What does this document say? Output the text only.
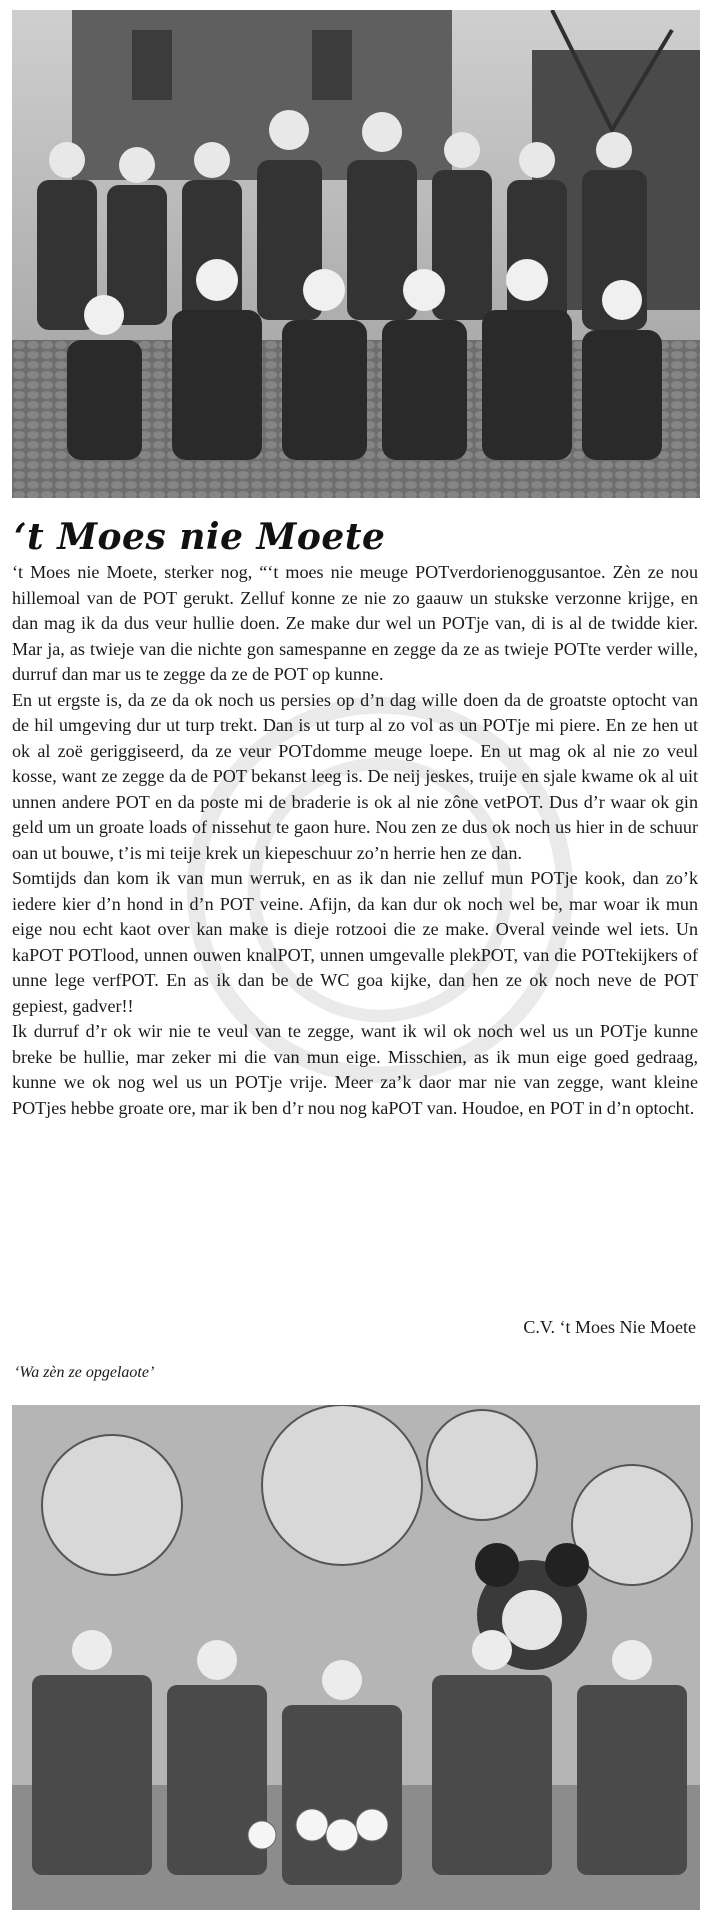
‘t Moes nie Moete

‘t Moes nie Moete, sterker nog, “‘t moes nie meuge POTverdorienoggusantoe. Zèn ze nou hillemoal van de POT gerukt. Zelluf konne ze nie zo gaauw un stukske verzonne krijge, en dan mag ik da dus veur hullie doen. Ze make dur wel un POTje van, di is al de twidde kier. Mar ja, as twieje van die nichte gon samespanne en zegge da ze as twieje POTte verder wille, durruf dan mar us te zegge da ze de POT op kunne.

En ut ergste is, da ze da ok noch us persies op d’n dag wille doen da de groatste optocht van de hil umgeving dur ut turp trekt. Dan is ut turp al zo vol as un POTje mi piere. En ze hen ut ok al zoë geriggiseerd, da ze veur POTdomme meuge loepe. En ut mag ok al nie zo veul kosse, want ze zegge da de POT bekanst leeg is. De neij jeskes, truije en sjale kwame ok al uit unnen andere POT en da poste mi de braderie is ok al nie zône vetPOT. Dus d’r waar ok gin geld um un groate loads of nissehut te gaon hure. Nou zen ze dus ok noch us hier in de schuur oan ut bouwe, t’is mi teije krek un kiepeschuur zo’n herrie hen ze dan.

Somtijds dan kom ik van mun werruk, en as ik dan nie zelluf mun POTje kook, dan zo’k iedere kier d’n hond in d’n POT veine. Afijn, da kan dur ok noch wel be, mar woar ik mun eige nou echt kaot over kan make is dieje rotzooi die ze make. Overal veinde wel iets. Un kaPOT POTlood, unnen ouwen knalPOT, unnen umgevalle plekPOT, van die POTtekijkers of unne lege verfPOT. En as ik dan be de WC goa kijke, dan hen ze ok noch neve de POT gepiest, gadver!!

Ik durruf d’r ok wir nie te veul van te zegge, want ik wil ok noch wel us un POTje kunne breke be hullie, mar zeker mi die van mun eige. Misschien, as ik mun eige goed gedraag, kunne we ok nog wel us un POTje vrije. Meer za’k daor mar nie van zegge, want kleine POTjes hebbe groate ore, mar ik ben d’r nou nog kaPOT van. Houdoe, en POT in d’n optocht.

C.V. ‘t Moes Nie Moete
‘Wa zèn ze opgelaote’
